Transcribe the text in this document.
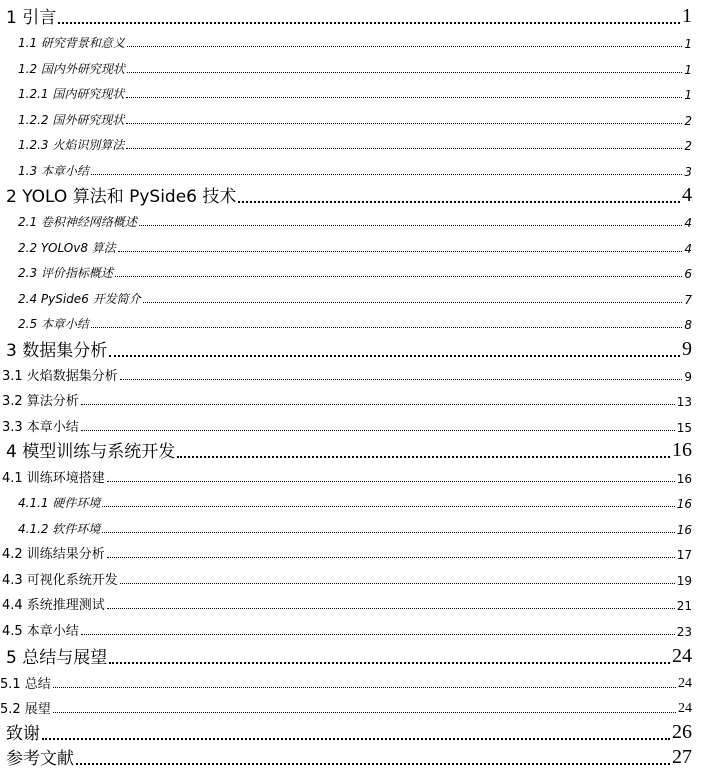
1 引言	1
1.1 研究背景和意义	1
1.2 国内外研究现状	1
1.2.1 国内研究现状	1
1.2.2 国外研究现状	2
1.2.3 火焰识别算法	2
1.3 本章小结	3
2 YOLO 算法和 PySide6 技术	4
2.1 卷积神经网络概述	4
2.2 YOLOv8 算法	4
2.3 评价指标概述	6
2.4 PySide6 开发简介	7
2.5 本章小结	8
3 数据集分析	9
3.1 火焰数据集分析	9
3.2 算法分析	13
3.3 本章小结	15
4 模型训练与系统开发	16
4.1 训练环境搭建	16
4.1.1 硬件环境	16
4.1.2 软件环境	16
4.2 训练结果分析	17
4.3 可视化系统开发	19
4.4 系统推理测试	21
4.5 本章小结	23
5 总结与展望	24
5.1 总结	24
5.2 展望	24
致谢	26
参考文献	27
